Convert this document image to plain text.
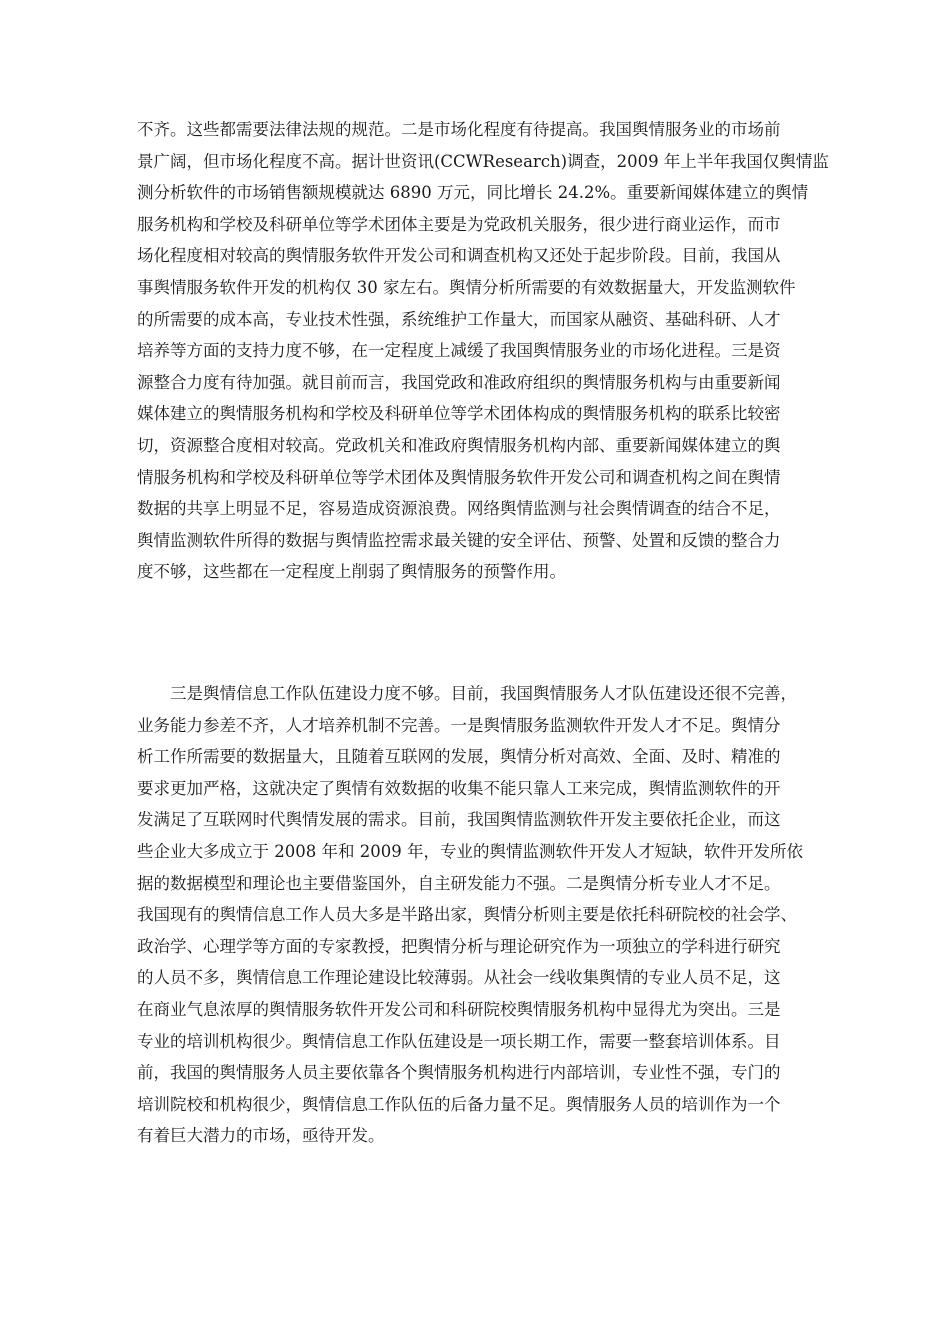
不齐。这些都需要法律法规的规范。二是市场化程度有待提高。我国舆情服务业的市场前
景广阔，但市场化程度不高。据计世资讯(CCWResearch)调查，2009 年上半年我国仅舆情监
测分析软件的市场销售额规模就达 6890 万元，同比增长 24.2%。重要新闻媒体建立的舆情
服务机构和学校及科研单位等学术团体主要是为党政机关服务，很少进行商业运作，而市
场化程度相对较高的舆情服务软件开发公司和调查机构又还处于起步阶段。目前，我国从
事舆情服务软件开发的机构仅 30 家左右。舆情分析所需要的有效数据量大，开发监测软件
的所需要的成本高，专业技术性强，系统维护工作量大，而国家从融资、基础科研、人才
培养等方面的支持力度不够，在一定程度上减缓了我国舆情服务业的市场化进程。三是资
源整合力度有待加强。就目前而言，我国党政和准政府组织的舆情服务机构与由重要新闻
媒体建立的舆情服务机构和学校及科研单位等学术团体构成的舆情服务机构的联系比较密
切，资源整合度相对较高。党政机关和准政府舆情服务机构内部、重要新闻媒体建立的舆
情服务机构和学校及科研单位等学术团体及舆情服务软件开发公司和调查机构之间在舆情
数据的共享上明显不足，容易造成资源浪费。网络舆情监测与社会舆情调查的结合不足，
舆情监测软件所得的数据与舆情监控需求最关键的安全评估、预警、处置和反馈的整合力
度不够，这些都在一定程度上削弱了舆情服务的预警作用。
　　三是舆情信息工作队伍建设力度不够。目前，我国舆情服务人才队伍建设还很不完善，
业务能力参差不齐，人才培养机制不完善。一是舆情服务监测软件开发人才不足。舆情分
析工作所需要的数据量大，且随着互联网的发展，舆情分析对高效、全面、及时、精准的
要求更加严格，这就决定了舆情有效数据的收集不能只靠人工来完成，舆情监测软件的开
发满足了互联网时代舆情发展的需求。目前，我国舆情监测软件开发主要依托企业，而这
些企业大多成立于 2008 年和 2009 年，专业的舆情监测软件开发人才短缺，软件开发所依
据的数据模型和理论也主要借鉴国外，自主研发能力不强。二是舆情分析专业人才不足。
我国现有的舆情信息工作人员大多是半路出家，舆情分析则主要是依托科研院校的社会学、
政治学、心理学等方面的专家教授，把舆情分析与理论研究作为一项独立的学科进行研究
的人员不多，舆情信息工作理论建设比较薄弱。从社会一线收集舆情的专业人员不足，这
在商业气息浓厚的舆情服务软件开发公司和科研院校舆情服务机构中显得尤为突出。三是
专业的培训机构很少。舆情信息工作队伍建设是一项长期工作，需要一整套培训体系。目
前，我国的舆情服务人员主要依靠各个舆情服务机构进行内部培训，专业性不强，专门的
培训院校和机构很少，舆情信息工作队伍的后备力量不足。舆情服务人员的培训作为一个
有着巨大潜力的市场，亟待开发。
